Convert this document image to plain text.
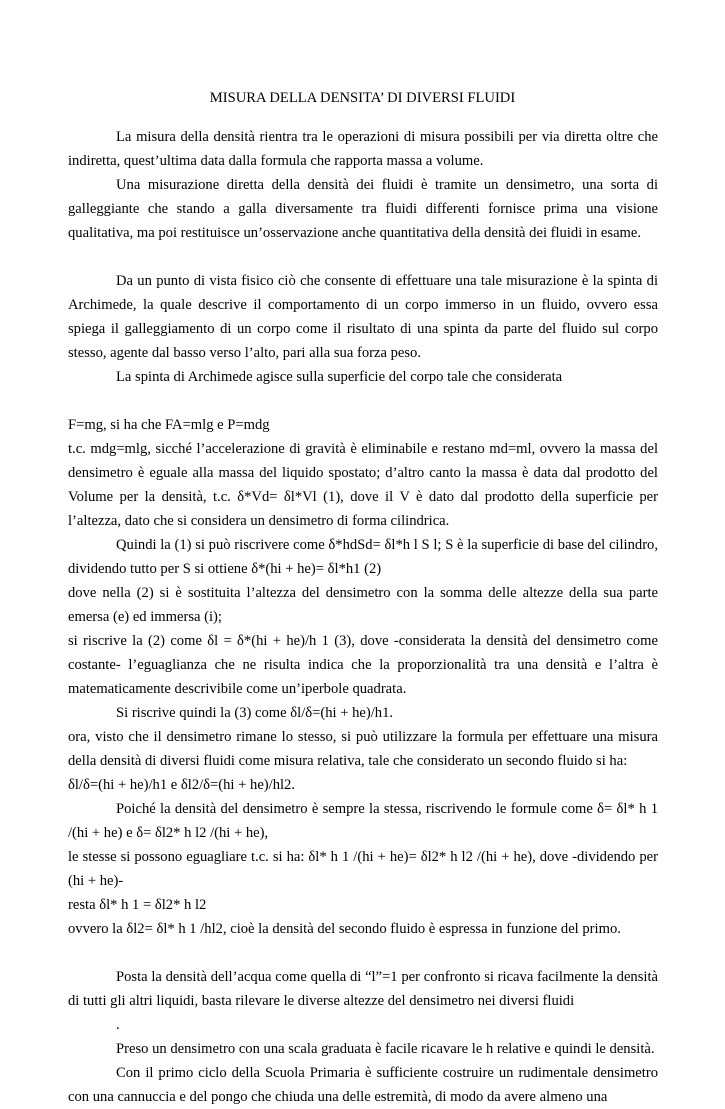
MISURA DELLA DENSITA’ DI DIVERSI FLUIDI

La misura della densità rientra tra le operazioni di misura possibili per via diretta oltre che indiretta, quest’ultima data dalla formula che rapporta massa a volume.

Una misurazione diretta della densità dei fluidi è tramite un densimetro, una sorta di galleggiante che stando a galla diversamente tra fluidi differenti fornisce prima una visione qualitativa, ma poi restituisce un’osservazione anche quantitativa della densità dei fluidi in esame.

Da un punto di vista fisico ciò che consente di effettuare una tale misurazione è la spinta di Archimede, la quale descrive il comportamento di un corpo immerso in un fluido, ovvero essa spiega il galleggiamento di un corpo come il risultato di una spinta da parte del fluido sul corpo stesso, agente dal basso verso l’alto, pari alla sua forza peso.

La spinta di Archimede agisce sulla superficie del corpo tale che considerata

F=mg, si ha che FA=mlg e P=mdg

t.c. mdg=mlg, sicché l’accelerazione di gravità è eliminabile e restano md=ml, ovvero la massa del densimetro è eguale alla massa del liquido spostato; d’altro canto la massa è data dal prodotto del Volume per la densità, t.c. δ*Vd= δl*Vl (1), dove il V è dato dal prodotto della superficie per l’altezza, dato che si considera un densimetro di forma cilindrica.

Quindi la (1) si può riscrivere come δ*hdSd= δl*h l S l; S è la superficie di base del cilindro, dividendo tutto per S si ottiene δ*(hi + he)= δl*h1 (2)

dove nella (2) si è sostituita l’altezza del densimetro con la somma delle altezze della sua parte emersa (e) ed immersa (i);

si riscrive la (2) come δl = δ*(hi + he)/h 1 (3), dove -considerata la densità del densimetro come costante- l’eguaglianza che ne risulta indica che la proporzionalità tra una densità e l’altra è matematicamente descrivibile come un’iperbole quadrata.

Si riscrive quindi la (3) come δl/δ=(hi + he)/h1.

ora, visto che il densimetro rimane lo stesso, si può utilizzare la formula per effettuare una misura della densità di diversi fluidi come misura relativa, tale che considerato un secondo fluido si ha:

δl/δ=(hi + he)/h1 e δl2/δ=(hi + he)/hl2.

Poiché la densità del densimetro è sempre la stessa, riscrivendo le formule come δ= δl* h 1 /(hi + he) e δ= δl2* h l2 /(hi + he),

le stesse si possono eguagliare t.c. si ha: δl* h 1 /(hi + he)= δl2* h l2 /(hi + he), dove -dividendo per (hi + he)-

resta δl* h 1 = δl2* h l2

ovvero la δl2= δl* h 1 /hl2, cioè la densità del secondo fluido è espressa in funzione del primo.

Posta la densità dell’acqua come quella di “l”=1 per confronto si ricava facilmente la densità di tutti gli altri liquidi, basta rilevare le diverse altezze del densimetro nei diversi fluidi

.

Preso un densimetro con una scala graduata è facile ricavare le h relative e quindi le densità.

Con il primo ciclo della Scuola Primaria è sufficiente costruire un rudimentale densimetro con una cannuccia e del pongo che chiuda una delle estremità, di modo da avere almeno una
